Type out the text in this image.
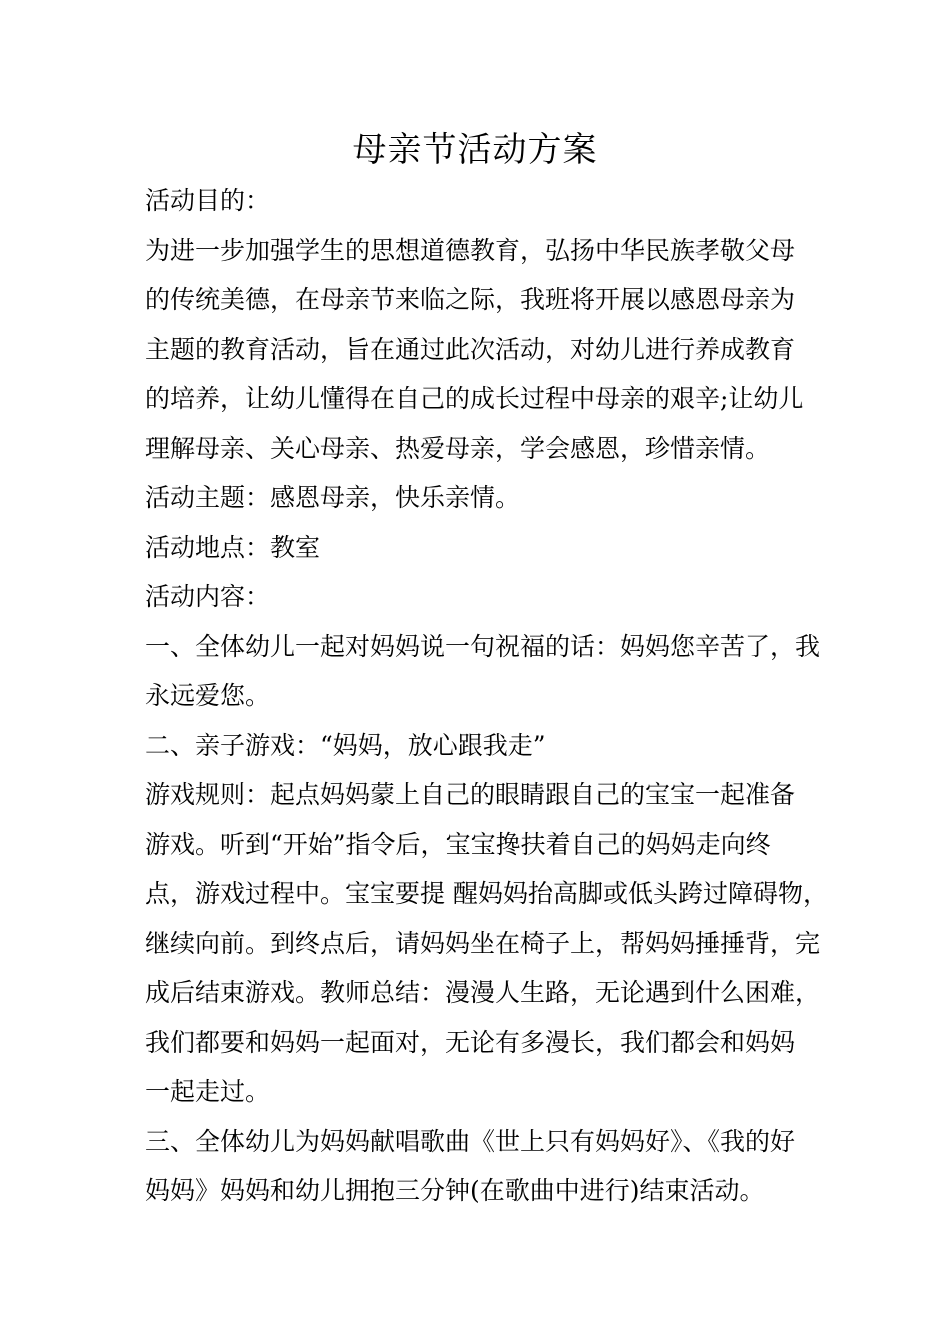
母亲节活动方案

活动目的：

为进一步加强学生的思想道德教育，弘扬中华民族孝敬父母
的传统美德，在母亲节来临之际，我班将开展以感恩母亲为
主题的教育活动，旨在通过此次活动，对幼儿进行养成教育
的培养，让幼儿懂得在自己的成长过程中母亲的艰辛;让幼儿
理解母亲、关心母亲、热爱母亲，学会感恩，珍惜亲情。

活动主题：感恩母亲，快乐亲情。

活动地点：教室

活动内容：

一、全体幼儿一起对妈妈说一句祝福的话：妈妈您辛苦了，我
永远爱您。

二、亲子游戏：“妈妈，放心跟我走”

游戏规则：起点妈妈蒙上自己的眼睛跟自己的宝宝一起准备
游戏。听到“开始”指令后，宝宝搀扶着自己的妈妈走向终
点，游戏过程中。宝宝要提 醒妈妈抬高脚或低头跨过障碍物，
继续向前。到终点后，请妈妈坐在椅子上，帮妈妈捶捶背，完
成后结束游戏。教师总结：漫漫人生路，无论遇到什么困难，
我们都要和妈妈一起面对，无论有多漫长，我们都会和妈妈
一起走过。

三、全体幼儿为妈妈献唱歌曲《世上只有妈妈好》、《我的好
妈妈》妈妈和幼儿拥抱三分钟(在歌曲中进行)结束活动。
